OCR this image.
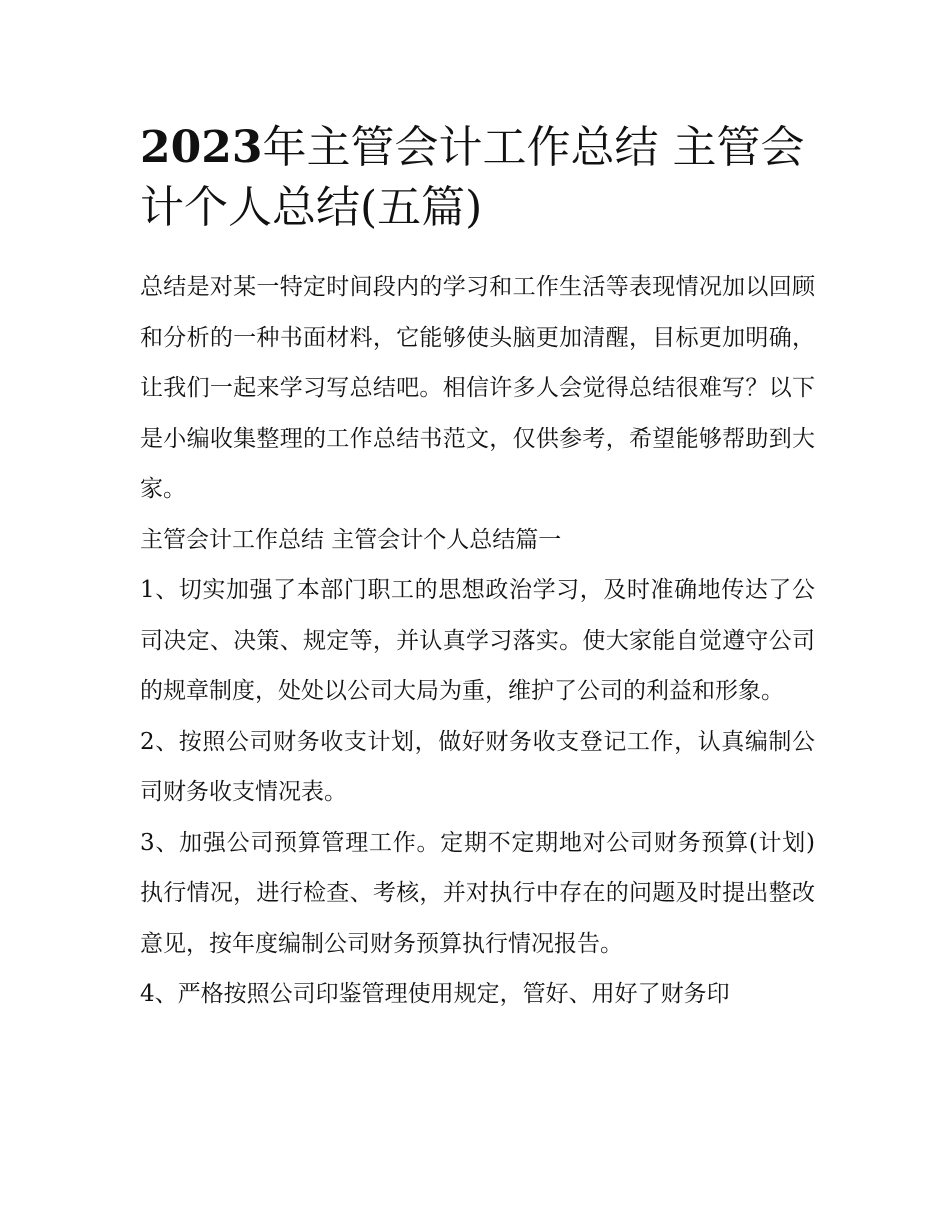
2023年主管会计工作总结 主管会计个人总结(五篇)

总结是对某一特定时间段内的学习和工作生活等表现情况加以回顾和分析的一种书面材料，它能够使头脑更加清醒，目标更加明确，让我们一起来学习写总结吧。相信许多人会觉得总结很难写？以下是小编收集整理的工作总结书范文，仅供参考，希望能够帮助到大家。

主管会计工作总结 主管会计个人总结篇一

1、切实加强了本部门职工的思想政治学习，及时准确地传达了公司决定、决策、规定等，并认真学习落实。使大家能自觉遵守公司的规章制度，处处以公司大局为重，维护了公司的利益和形象。

2、按照公司财务收支计划，做好财务收支登记工作，认真编制公司财务收支情况表。

3、加强公司预算管理工作。定期不定期地对公司财务预算(计划)执行情况，进行检查、考核，并对执行中存在的问题及时提出整改意见，按年度编制公司财务预算执行情况报告。

4、严格按照公司印鉴管理使用规定，管好、用好了财务印
